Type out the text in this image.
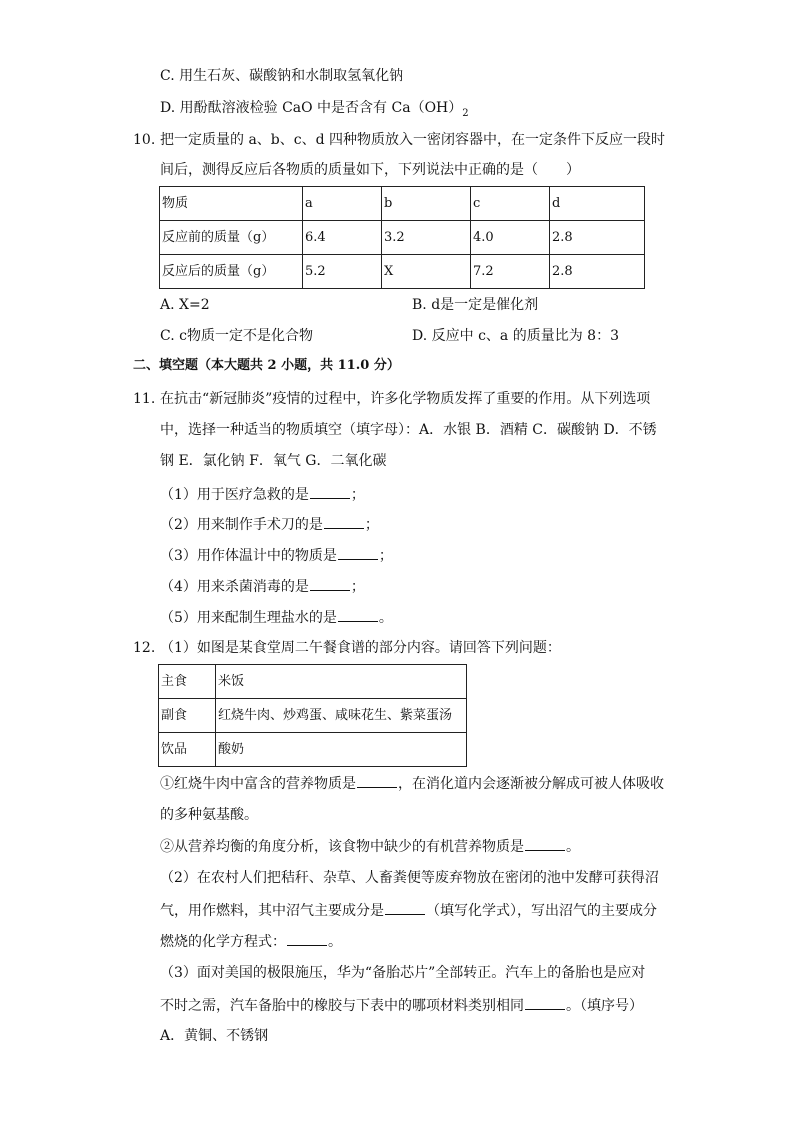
C. 用生石灰、碳酸钠和水制取氢氧化钠
D. 用酚酞溶液检验 CaO 中是否含有 $Ca(OH)_2$
10. 把一定质量的 a、b、c、d 四种物质放入一密闭容器中，在一定条件下反应一段时
间后，测得反应后各物质的质量如下，下列说法中正确的是（　　）
物质	a	b	c	d
反应前的质量（g）	6.4	3.2	4.0	2.8
反应后的质量（g）	5.2	X	7.2	2.8
A. X=2	B. d是一定是催化剂
C. c物质一定不是化合物	D. 反应中 c、a 的质量比为 8：3
二、填空题（本大题共 2 小题，共 11.0 分）
11. 在抗击“新冠肺炎”疫情的过程中，许多化学物质发挥了重要的作用。从下列选项
中，选择一种适当的物质填空（填字母）：A．水银 B．酒精 C．碳酸钠 D．不锈
钢 E．氯化钠 F．氧气 G．二氧化碳
（1）用于医疗急救的是	；
（2）用来制作手术刀的是	；
（3）用作体温计中的物质是	；
（4）用来杀菌消毒的是	；
（5）用来配制生理盐水的是	。
12. （1）如图是某食堂周二午餐食谱的部分内容。请回答下列问题：
主食	米饭
副食	红烧牛肉、炒鸡蛋、咸味花生、紫菜蛋汤
饮品	酸奶
①红烧牛肉中富含的营养物质是	，在消化道内会逐渐被分解成可被人体吸收
的多种氨基酸。
②从营养均衡的角度分析，该食物中缺少的有机营养物质是	。
（2）在农村人们把秸秆、杂草、人畜粪便等废弃物放在密闭的池中发酵可获得沼
气，用作燃料，其中沼气主要成分是	（填写化学式），写出沼气的主要成分
燃烧的化学方程式：	。
（3）面对美国的极限施压，华为“备胎芯片”全部转正。汽车上的备胎也是应对
不时之需，汽车备胎中的橡胶与下表中的哪项材料类别相同	。（填序号）
A．黄铜、不锈钢
